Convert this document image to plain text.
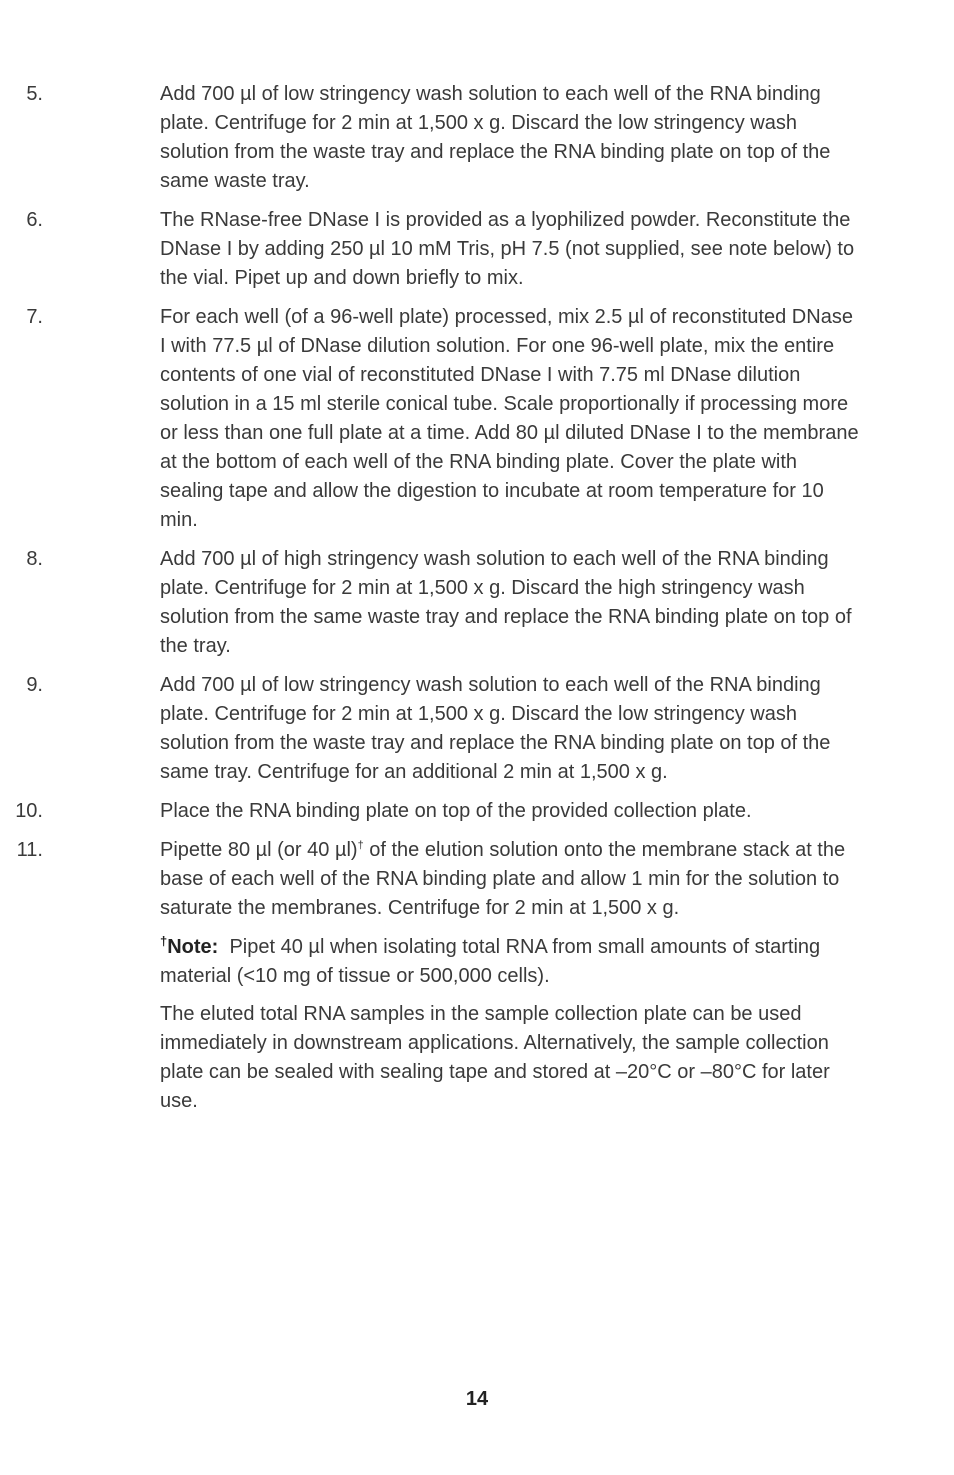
5.	Add 700 µl of low stringency wash solution to each well of the RNA binding plate. Centrifuge for 2 min at 1,500 x g. Discard the low stringency wash solution from the waste tray and replace the RNA binding plate on top of the same waste tray.
6.	The RNase-free DNase I is provided as a lyophilized powder. Reconstitute the DNase I by adding 250 µl 10 mM Tris, pH 7.5 (not supplied, see note below) to the vial. Pipet up and down briefly to mix.
7.	For each well (of a 96-well plate) processed, mix 2.5 µl of reconstituted DNase I with 77.5 µl of DNase dilution solution. For one 96-well plate, mix the entire contents of one vial of reconstituted DNase I with 7.75 ml DNase dilution solution in a 15 ml sterile conical tube. Scale proportionally if processing more or less than one full plate at a time. Add 80 µl diluted DNase I to the membrane at the bottom of each well of the RNA binding plate. Cover the plate with sealing tape and allow the digestion to incubate at room temperature for 10 min.
8.	Add 700 µl of high stringency wash solution to each well of the RNA binding plate. Centrifuge for 2 min at 1,500 x g. Discard the high stringency wash solution from the same waste tray and replace the RNA binding plate on top of the tray.
9.	Add 700 µl of low stringency wash solution to each well of the RNA binding plate. Centrifuge for 2 min at 1,500 x g. Discard the low stringency wash solution from the waste tray and replace the RNA binding plate on top of the same tray. Centrifuge for an additional 2 min at 1,500 x g.
10.	Place the RNA binding plate on top of the provided collection plate.
11.	Pipette 80 µl (or 40 µl)† of the elution solution onto the membrane stack at the base of each well of the RNA binding plate and allow 1 min for the solution to saturate the membranes. Centrifuge for 2 min at 1,500 x g.
†Note: Pipet 40 µl when isolating total RNA from small amounts of starting material (<10 mg of tissue or 500,000 cells).
The eluted total RNA samples in the sample collection plate can be used immediately in downstream applications. Alternatively, the sample collection plate can be sealed with sealing tape and stored at –20°C or –80°C for later use.
14
